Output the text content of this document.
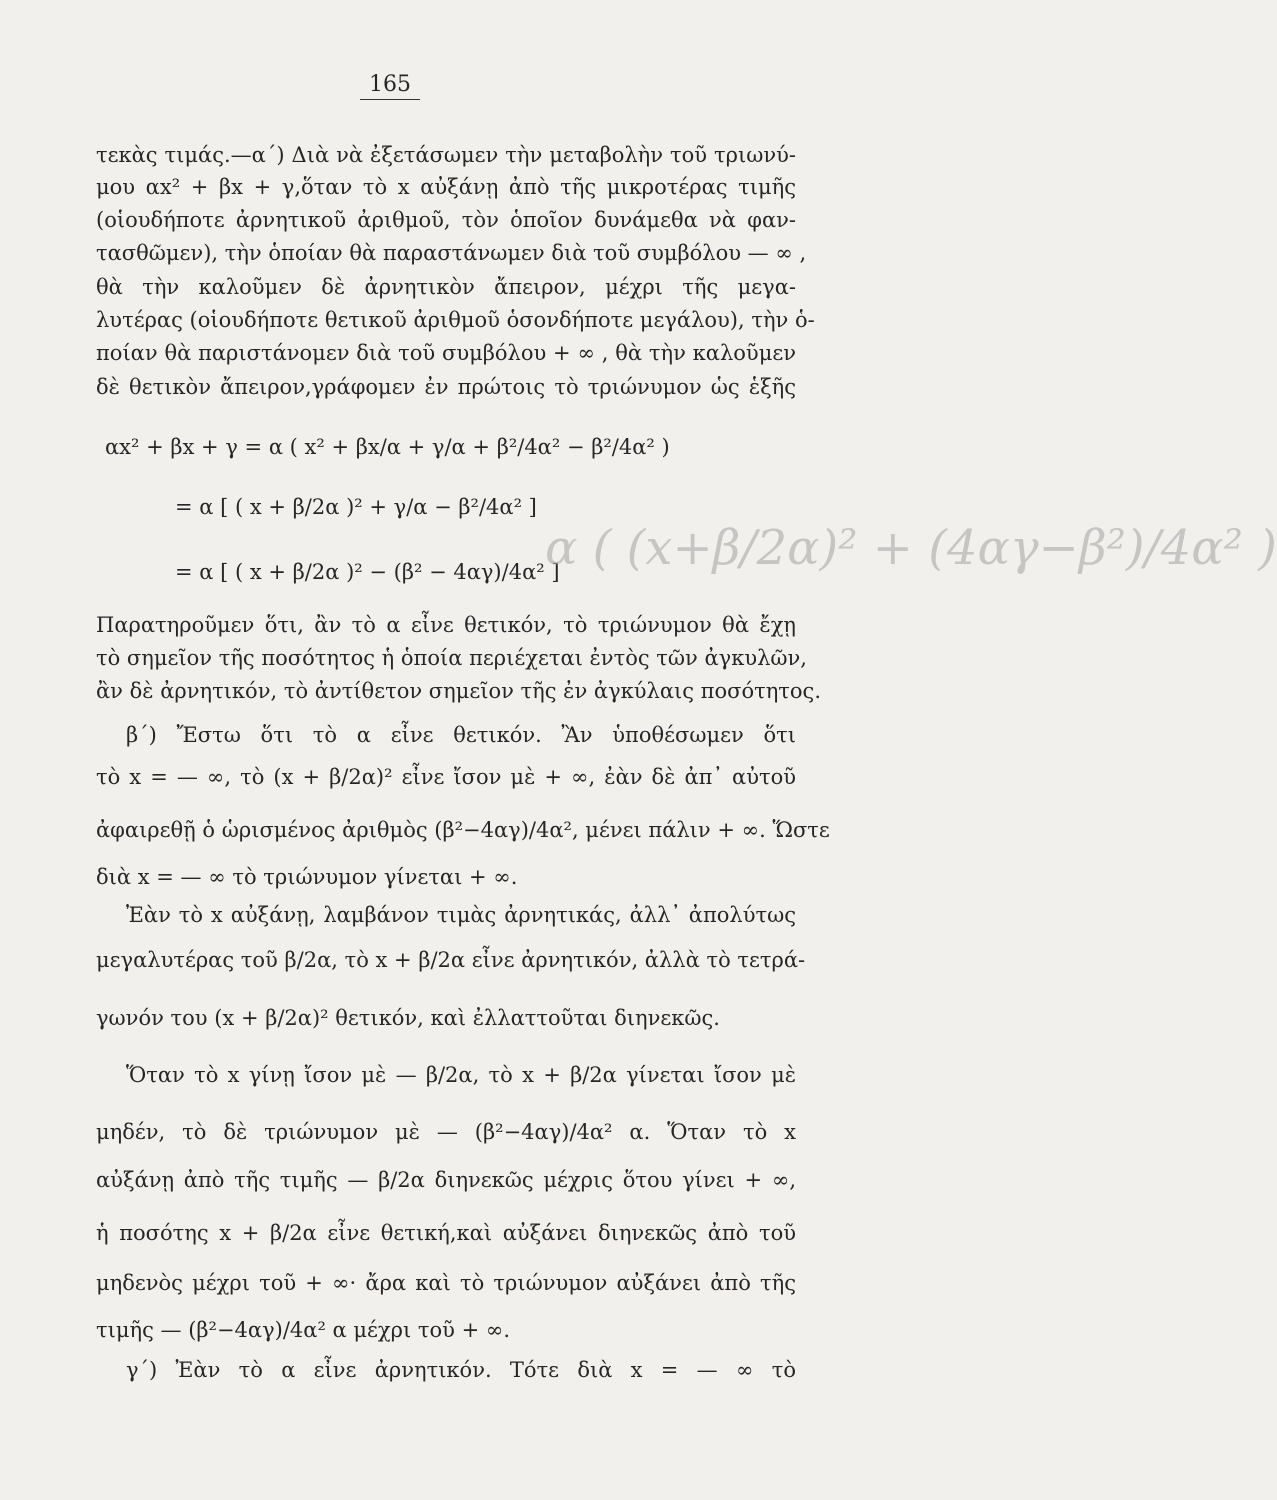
165
τεκὰς τιμάς.—α΄) Διὰ νὰ ἐξετάσωμεν τὴν μεταβολὴν τοῦ τριωνύ-
μου αx² + βx + γ,ὅταν τὸ x αὐξάνῃ ἀπὸ τῆς μικροτέρας τιμῆς
(οἱουδήποτε ἀρνητικοῦ ἀριθμοῦ, τὸν ὁποῖον δυνάμεθα νὰ φαν-
τασθῶμεν), τὴν ὁποίαν θὰ παραστάνωμεν διὰ τοῦ συμβόλου — ∞ ,
θὰ τὴν καλοῦμεν δὲ ἀρνητικὸν ἄπειρον, μέχρι τῆς μεγα-
λυτέρας (οἱουδήποτε θετικοῦ ἀριθμοῦ ὁσονδήποτε μεγάλου), τὴν ὁ-
ποίαν θὰ παριστάνομεν διὰ τοῦ συμβόλου + ∞ , θὰ τὴν καλοῦμεν
δὲ θετικὸν ἄπειρον,γράφομεν ἐν πρώτοις τὸ τριώνυμον ὡς ἑξῆς
αx² + βx + γ = α ( x² + βx/α + γ/α + β²/4α² − β²/4α² )
= α [ ( x + β/2α )² + γ/α − β²/4α² ]
= α [ ( x + β/2α )² − (β² − 4αγ)/4α² ]
α ( (x+β/2α)² + (4αγ−β²)/4α² )
Παρατηροῦμεν ὅτι, ἂν τὸ α εἶνε θετικόν, τὸ τριώνυμον θὰ ἔχῃ
τὸ σημεῖον τῆς ποσότητος ἡ ὁποία περιέχεται ἐντὸς τῶν ἀγκυλῶν,
ἂν δὲ ἀρνητικόν, τὸ ἀντίθετον σημεῖον τῆς ἐν ἀγκύλαις ποσότητος.
β΄) Ἔστω ὅτι τὸ α εἶνε θετικόν. Ἂν ὑποθέσωμεν ὅτι
τὸ x = — ∞, τὸ (x + β/2α)² εἶνε ἴσον μὲ + ∞, ἐὰν δὲ ἀπ᾽ αὐτοῦ
ἀφαιρεθῇ ὁ ὡρισμένος ἀριθμὸς (β²−4αγ)/4α², μένει πάλιν + ∞. Ὥστε
διὰ x = — ∞ τὸ τριώνυμον γίνεται + ∞.
Ἐὰν τὸ x αὐξάνῃ, λαμβάνον τιμὰς ἀρνητικάς, ἀλλ᾽ ἀπολύτως
μεγαλυτέρας τοῦ β/2α, τὸ x + β/2α εἶνε ἀρνητικόν, ἀλλὰ τὸ τετρά-
γωνόν του (x + β/2α)² θετικόν, καὶ ἐλλαττοῦται διηνεκῶς.
Ὅταν τὸ x γίνῃ ἴσον μὲ — β/2α, τὸ x + β/2α γίνεται ἴσον μὲ
μηδέν, τὸ δὲ τριώνυμον μὲ — (β²−4αγ)/4α² α. Ὅταν τὸ x
αὐξάνῃ ἀπὸ τῆς τιμῆς — β/2α διηνεκῶς μέχρις ὅτου γίνει + ∞,
ἡ ποσότης x + β/2α εἶνε θετική,καὶ αὐξάνει διηνεκῶς ἀπὸ τοῦ
μηδενὸς μέχρι τοῦ + ∞· ἄρα καὶ τὸ τριώνυμον αὐξάνει ἀπὸ τῆς
τιμῆς — (β²−4αγ)/4α² α μέχρι τοῦ + ∞.
γ΄) Ἐὰν τὸ α εἶνε ἀρνητικόν. Τότε διὰ x = — ∞ τὸ
